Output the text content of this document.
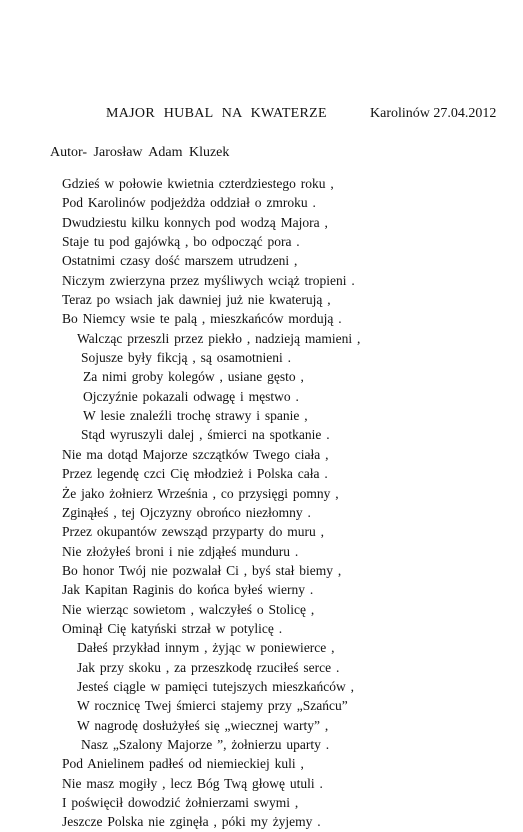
MAJOR HUBAL NA KWATERZE	Karolinów 27.04.2012
Autor- Jarosław Adam Kluzek
Gdzieś w połowie kwietnia czterdziestego roku ,
Pod Karolinów podjeżdża oddział o zmroku .
Dwudziestu kilku konnych pod wodzą Majora ,
Staje tu pod gajówką , bo odpocząć pora .
Ostatnimi czasy dość marszem utrudzeni ,
Niczym zwierzyna przez myśliwych wciąż tropieni .
Teraz po wsiach jak dawniej już nie kwaterują ,
Bo Niemcy wsie te palą , mieszkańców mordują .
Walcząc przeszli przez piekło , nadzieją mamieni ,
Sojusze były fikcją , są osamotnieni .
Za nimi groby kolegów , usiane gęsto ,
Ojczyźnie pokazali odwagę i męstwo .
W lesie znaleźli trochę strawy i spanie ,
Stąd wyruszyli dalej , śmierci na spotkanie .
Nie ma dotąd Majorze szczątków Twego ciała ,
Przez legendę czci Cię młodzież i Polska cała .
Że jako żołnierz Września , co przysięgi pomny ,
Zginąłeś , tej Ojczyzny obrońco niezłomny .
Przez okupantów zewsząd przyparty do muru ,
Nie złożyłeś broni i nie zdjąłeś munduru .
Bo honor Twój nie pozwalał Ci , byś stał biemy ,
Jak Kapitan Raginis do końca byłeś wierny .
Nie wierząc sowietom , walczyłeś o Stolicę ,
Ominął Cię katyński strzał w potylicę .
Dałeś przykład innym , żyjąc w poniewierce ,
Jak przy skoku , za przeszkodę rzuciłeś serce .
Jesteś ciągle w pamięci tutejszych mieszkańców ,
W rocznicę Twej śmierci stajemy przy „Szańcu”
W nagrodę dosłużyłeś się „wiecznej warty” ,
Nasz „Szalony Majorze ”, żołnierzu uparty .
Pod Anielinem padłeś od niemieckiej kuli ,
Nie masz mogiły , lecz Bóg Twą głowę utuli .
I poświęcił dowodzić żołnierzami swymi ,
Jeszcze Polska nie zginęła , póki my żyjemy .
